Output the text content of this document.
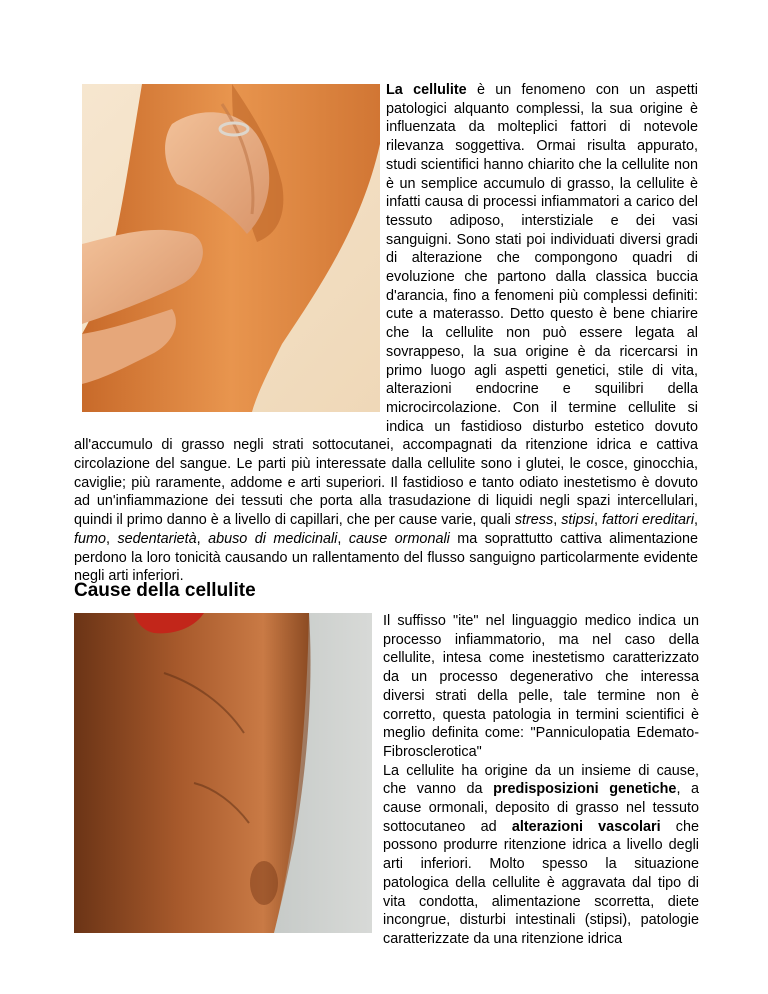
La cellulite è un fenomeno con un aspetti patologici alquanto complessi, la sua origine è influenzata da molteplici fattori di notevole rilevanza soggettiva. Ormai risulta appurato, studi scientifici hanno chiarito che la cellulite non è un semplice accumulo di grasso, la cellulite è infatti causa di processi infiammatori a carico del tessuto adiposo, interstiziale e dei vasi sanguigni. Sono stati poi individuati diversi gradi di alterazione che compongono quadri di evoluzione che partono dalla classica buccia d'arancia, fino a fenomeni più complessi definiti: cute a materasso. Detto questo è bene chiarire che la cellulite non può essere legata al sovrappeso, la sua origine è da ricercarsi in primo luogo agli aspetti genetici, stile di vita, alterazioni endocrine e squilibri della microcircolazione. Con il termine cellulite si indica un fastidioso disturbo estetico dovuto all'accumulo di grasso negli strati sottocutanei, accompagnati da ritenzione idrica e cattiva circolazione del sangue. Le parti più interessate dalla cellulite sono i glutei, le cosce, ginocchia, caviglie; più raramente, addome e arti superiori. Il fastidioso e tanto odiato inestetismo è dovuto ad un'infiammazione dei tessuti che porta alla trasudazione di liquidi negli spazi intercellulari, quindi il primo danno è a livello di capillari, che per cause varie, quali stress, stipsi, fattori ereditari, fumo, sedentarietà, abuso di medicinali, cause ormonali ma soprattutto cattiva alimentazione perdono la loro tonicità causando un rallentamento del flusso sanguigno particolarmente evidente negli arti inferiori.
Cause della cellulite

Il suffisso "ite" nel linguaggio medico indica un processo infiammatorio, ma nel caso della cellulite, intesa come inestetismo caratterizzato da un processo degenerativo che interessa diversi strati della pelle, tale termine non è corretto, questa patologia in termini scientifici è meglio definita come: "Panniculopatia Edemato- Fibrosclerotica"

La cellulite ha origine da un insieme di cause, che vanno da predisposizioni genetiche, a cause ormonali, deposito di grasso nel tessuto sottocutaneo ad alterazioni vascolari che possono produrre ritenzione idrica a livello degli arti inferiori. Molto spesso la situazione patologica della cellulite è aggravata dal tipo di vita condotta, alimentazione scorretta, diete incongrue, disturbi intestinali (stipsi), patologie caratterizzate da una ritenzione idrica
